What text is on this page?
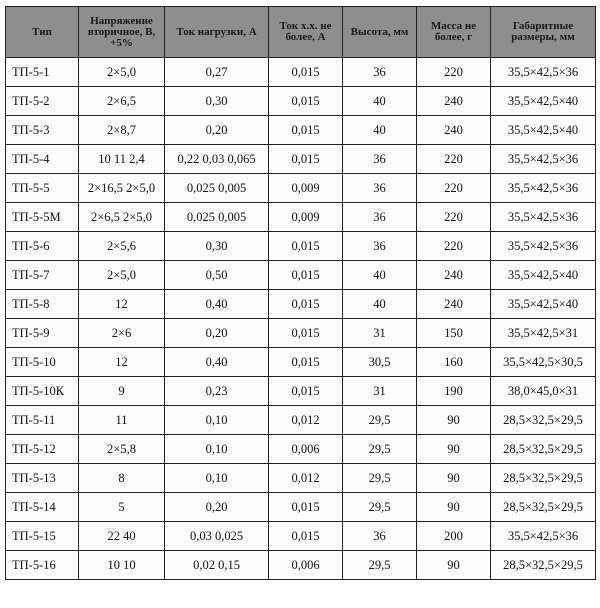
Тип	Напряжение вторичное, В, +5%	Ток нагрузки, А	Ток х.х. не более, А	Высота, мм	Масса не более, г	Габаритные размеры, мм
ТП-5-1	2×5,0	0,27	0,015	36	220	35,5×42,5×36
ТП-5-2	2×6,5	0,30	0,015	40	240	35,5×42,5×40
ТП-5-3	2×8,7	0,20	0,015	40	240	35,5×42,5×40
ТП-5-4	10 11 2,4	0,22 0,03 0,065	0,015	36	220	35,5×42,5×36
ТП-5-5	2×16,5 2×5,0	0,025 0,005	0,009	36	220	35,5×42,5×36
ТП-5-5М	2×6,5 2×5,0	0,025 0,005	0,009	36	220	35,5×42,5×36
ТП-5-6	2×5,6	0,30	0,015	36	220	35,5×42,5×36
ТП-5-7	2×5,0	0,50	0,015	40	240	35,5×42,5×40
ТП-5-8	12	0,40	0,015	40	240	35,5×42,5×40
ТП-5-9	2×6	0,20	0,015	31	150	35,5×42,5×31
ТП-5-10	12	0,40	0,015	30,5	160	35,5×42,5×30,5
ТП-5-10К	9	0,23	0,015	31	190	38,0×45,0×31
ТП-5-11	11	0,10	0,012	29,5	90	28,5×32,5×29,5
ТП-5-12	2×5,8	0,10	0,006	29,5	90	28,5×32,5×29,5
ТП-5-13	8	0,10	0,012	29,5	90	28,5×32,5×29,5
ТП-5-14	5	0,20	0,015	29,5	90	28,5×32,5×29,5
ТП-5-15	22 40	0,03 0,025	0,015	36	200	35,5×42,5×36
ТП-5-16	10 10	0,02 0,15	0,006	29,5	90	28,5×32,5×29,5
